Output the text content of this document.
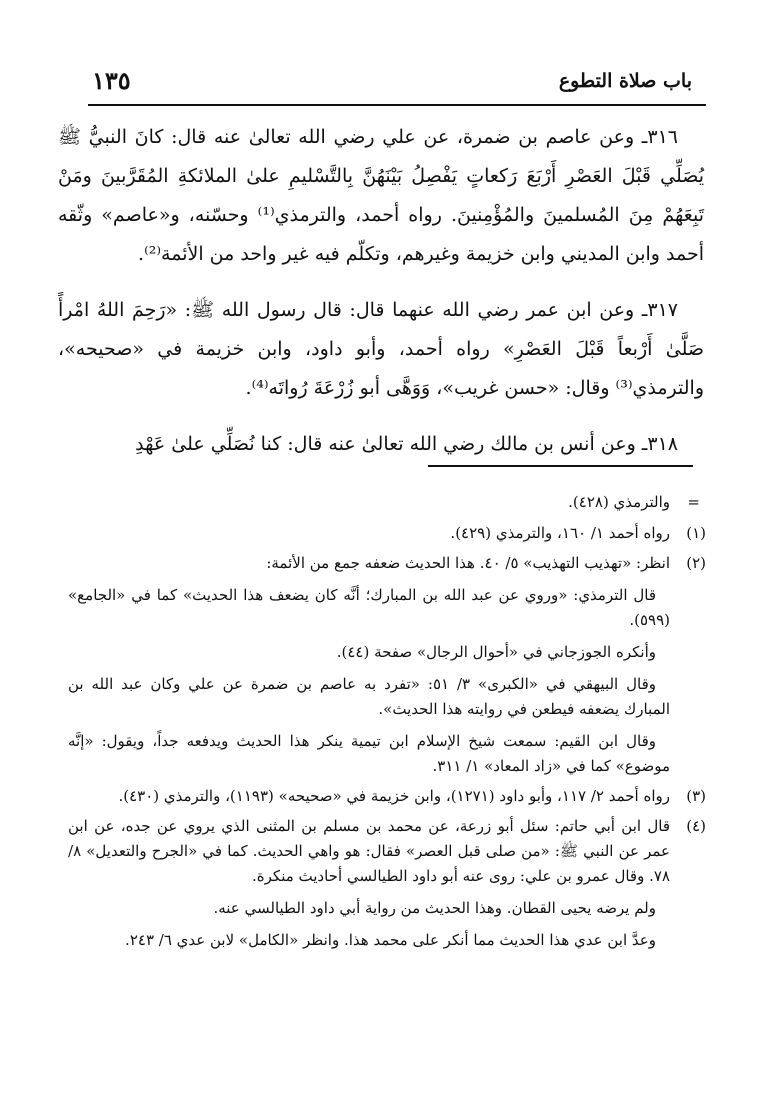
باب صلاة التطوع
١٣٥

٣١٦ـ وعن عاصم بن ضمرة، عن علي رضي الله تعالىٰ عنه قال: كانَ النبيُّ ﷺ يُصَلِّي قَبْلَ العَصْرِ أَرْبَعَ رَكعاتٍ يَفْصِلُ بَيْنَهُنَّ بِالتَّسْليمِ علىٰ الملائكةِ المُقَرَّبينَ ومَنْ تَبِعَهُمْ مِنَ المُسلمينَ والمُؤْمِنينَ. رواه أحمد، والترمذي⁽¹⁾ وحسّنه، و«عاصم» وثّقه أحمد وابن المديني وابن خزيمة وغيرهم، وتكلّم فيه غير واحد من الأئمة⁽²⁾.

٣١٧ـ وعن ابن عمر رضي الله عنهما قال: قال رسول الله ﷺ: «رَحِمَ اللهُ امْرأً صَلَّىٰ أَرْبعاً قَبْلَ العَصْرِ» رواه أحمد، وأبو داود، وابن خزيمة في «صحيحه»، والترمذي⁽³⁾ وقال: «حسن غريب»، وَوَهَّى أبو زُرْعَةَ رُواتَه⁽⁴⁾.

٣١٨ـ وعن أنس بن مالك رضي الله تعالىٰ عنه قال: كنا نُصَلِّي علىٰ عَهْدِ

=
والترمذي (٤٢٨).
(١)
رواه أحمد ١/ ١٦٠، والترمذي (٤٢٩).
(٢)
انظر: «تهذيب التهذيب» ٥/ ٤٠. هذا الحديث ضعفه جمع من الأئمة:
قال الترمذي: «وروي عن عبد الله بن المبارك؛ أنَّه كان يضعف هذا الحديث» كما في «الجامع» (٥٩٩).
وأنكره الجوزجاني في «أحوال الرجال» صفحة (٤٤).
وقال البيهقي في «الكبرى» ٣/ ٥١: «تفرد به عاصم بن ضمرة عن علي وكان عبد الله بن المبارك يضعفه فيطعن في روايته هذا الحديث».
وقال ابن القيم: سمعت شيخ الإسلام ابن تيمية ينكر هذا الحديث ويدفعه جداً، ويقول: «إنَّه موضوع» كما في «زاد المعاد» ١/ ٣١١.
(٣)
رواه أحمد ٢/ ١١٧، وأبو داود (١٢٧١)، وابن خزيمة في «صحيحه» (١١٩٣)، والترمذي (٤٣٠).
(٤)
قال ابن أبي حاتم: سئل أبو زرعة، عن محمد بن مسلم بن المثنى الذي يروي عن جده، عن ابن عمر عن النبي ﷺ: «من صلى قبل العصر» فقال: هو واهي الحديث. كما في «الجرح والتعديل» ٨/ ٧٨. وقال عمرو بن علي: روى عنه أبو داود الطيالسي أحاديث منكرة.
ولم يرضه يحيى القطان. وهذا الحديث من رواية أبي داود الطيالسي عنه.
وعدَّ ابن عدي هذا الحديث مما أنكر على محمد هذا. وانظر «الكامل» لابن عدي ٦/ ٢٤٣.
